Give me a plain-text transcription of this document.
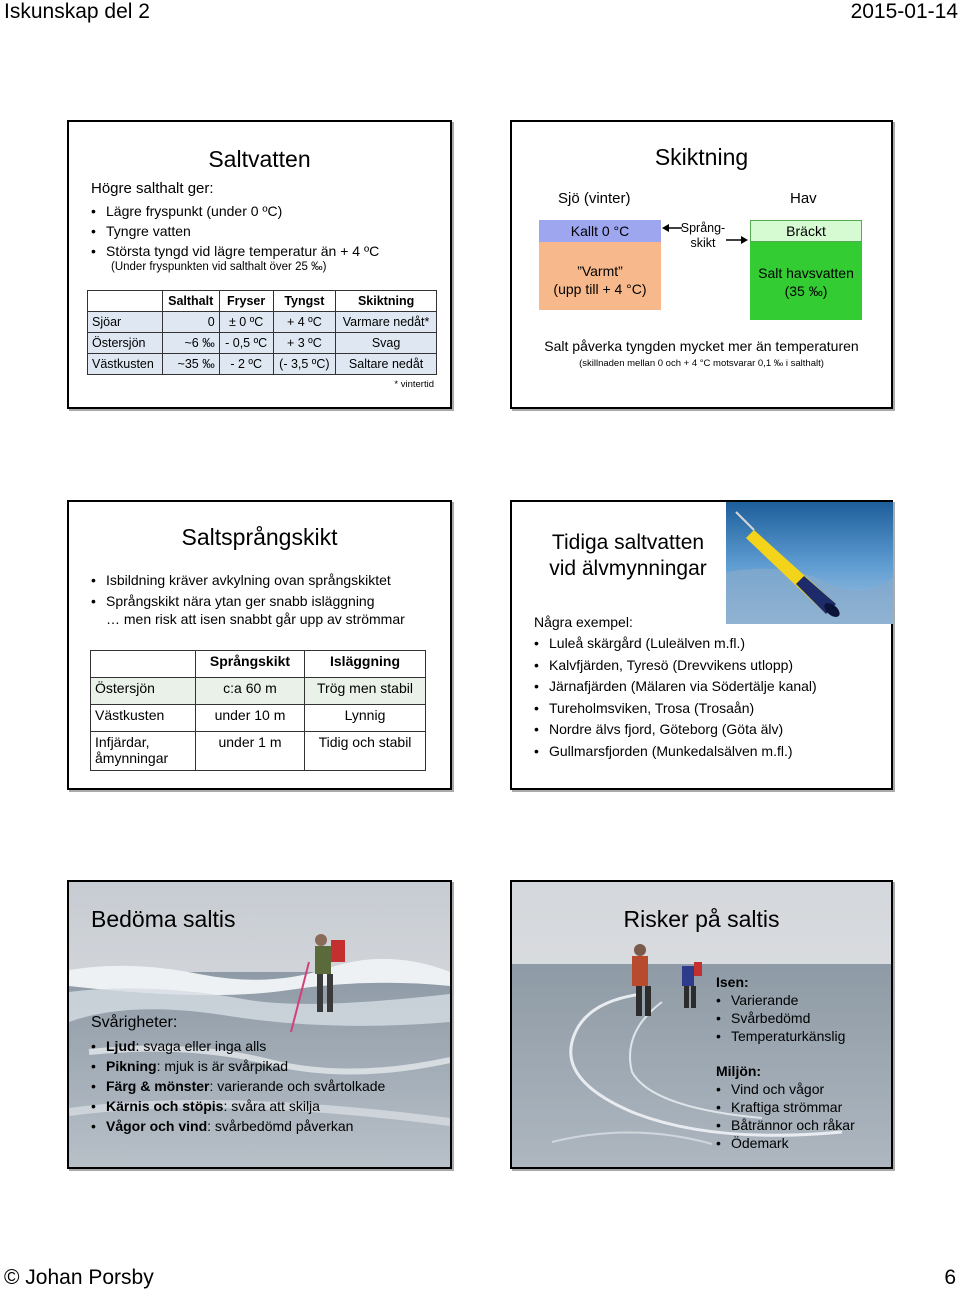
Iskunskap del 2	2015-01-14
Saltvatten
Högre salthalt ger:
• Lägre fryspunkt (under 0 ºC)
• Tyngre vatten
• Största tyngd vid lägre temperatur än + 4 ºC
(Under fryspunkten vid salthalt över 25 ‰)
	Salthalt	Fryser	Tyngst	Skiktning
Sjöar	0	± 0 ºC	+ 4 ºC	Varmare nedåt*
Östersjön	~6 ‰	- 0,5 ºC	+ 3 ºC	Svag
Västkusten	~35 ‰	- 2 ºC	(- 3,5 ºC)	Saltare nedåt
* vintertid
Skiktning
Sjö (vinter)	Hav
Kallt 0 °C
”Varmt”
(upp till + 4 °C)
Språng-
skikt
Bräckt
Salt havsvatten
(35 ‰)
Salt påverka tyngden mycket mer än temperaturen
(skillnaden mellan 0 och + 4 °C motsvarar 0,1 ‰ i salthalt)
Saltsprångskikt
• Isbildning kräver avkylning ovan språngskiktet
• Språngskikt nära ytan ger snabb isläggning
… men risk att isen snabbt går upp av strömmar
	Språngskikt	Isläggning
Östersjön	c:a 60 m	Trög men stabil
Västkusten	under 10 m	Lynnig
Infjärdar, åmynningar	under 1 m	Tidig och stabil
Tidiga saltvatten
vid älvmynningar
Några exempel:
• Luleå skärgård (Luleälven m.fl.)
• Kalvfjärden, Tyresö (Drevvikens utlopp)
• Järnafjärden (Mälaren via Södertälje kanal)
• Tureholmsviken, Trosa (Trosaån)
• Nordre älvs fjord, Göteborg (Göta älv)
• Gullmarsfjorden (Munkedalsälven m.fl.)
Bedöma saltis
Svårigheter:
• Ljud: svaga eller inga alls
• Pikning: mjuk is är svårpikad
• Färg & mönster: varierande och svårtolkade
• Kärnis och stöpis: svåra att skilja
• Vågor och vind: svårbedömd påverkan
Risker på saltis
Isen:
• Varierande
• Svårbedömd
• Temperaturkänslig
Miljön:
• Vind och vågor
• Kraftiga strömmar
• Båtrännor och råkar
• Ödemark
© Johan Porsby	6
